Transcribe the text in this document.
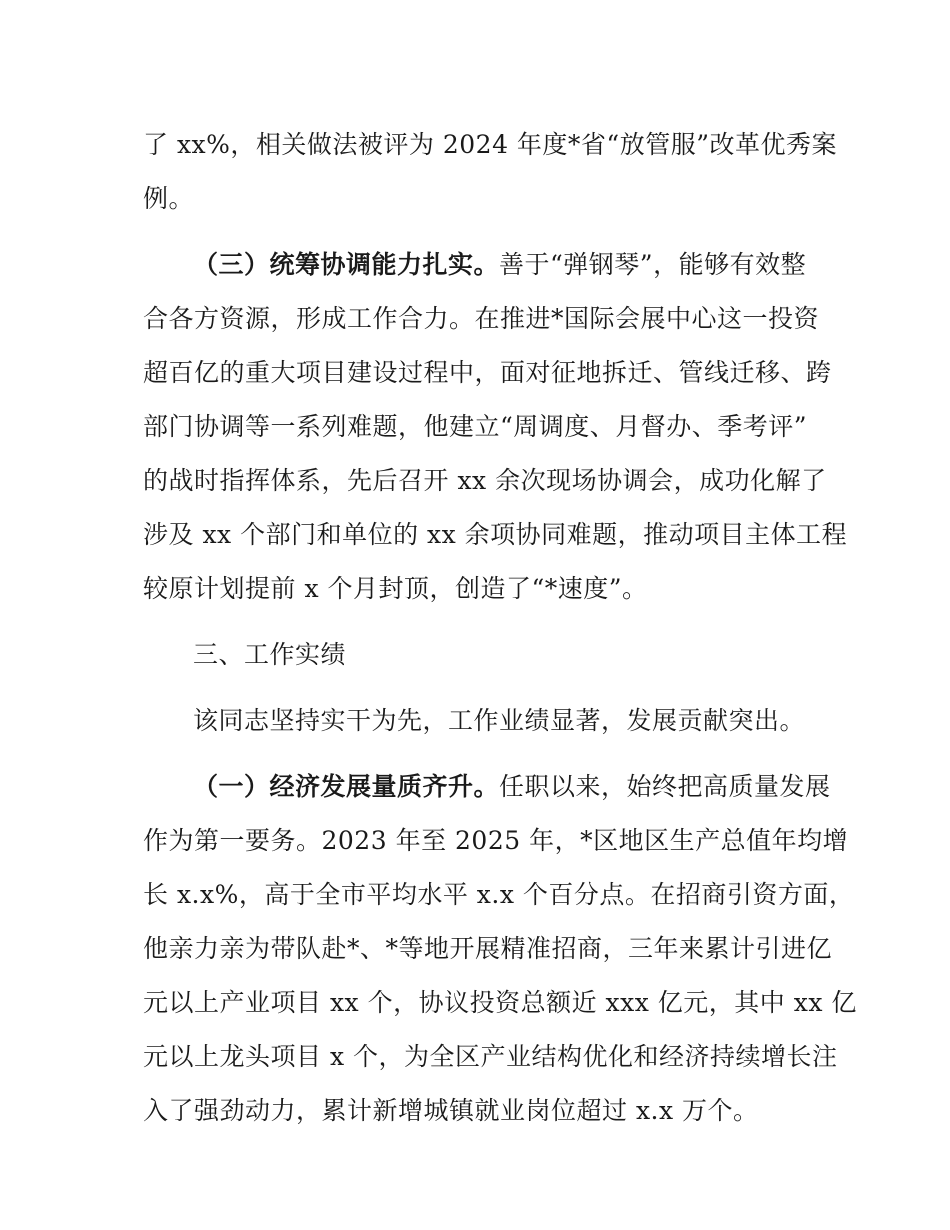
了 xx%，相关做法被评为 2024 年度*省“放管服”改革优秀案
例。
（三）统筹协调能力扎实。善于“弹钢琴”，能够有效整
合各方资源，形成工作合力。在推进*国际会展中心这一投资
超百亿的重大项目建设过程中，面对征地拆迁、管线迁移、跨
部门协调等一系列难题，他建立“周调度、月督办、季考评”
的战时指挥体系，先后召开 xx 余次现场协调会，成功化解了
涉及 xx 个部门和单位的 xx 余项协同难题，推动项目主体工程
较原计划提前 x 个月封顶，创造了“*速度”。
三、工作实绩
该同志坚持实干为先，工作业绩显著，发展贡献突出。
（一）经济发展量质齐升。任职以来，始终把高质量发展
作为第一要务。2023 年至 2025 年，*区地区生产总值年均增
长 x.x%，高于全市平均水平 x.x 个百分点。在招商引资方面，
他亲力亲为带队赴*、*等地开展精准招商，三年来累计引进亿
元以上产业项目 xx 个，协议投资总额近 xxx 亿元，其中 xx 亿
元以上龙头项目 x 个，为全区产业结构优化和经济持续增长注
入了强劲动力，累计新增城镇就业岗位超过 x.x 万个。
